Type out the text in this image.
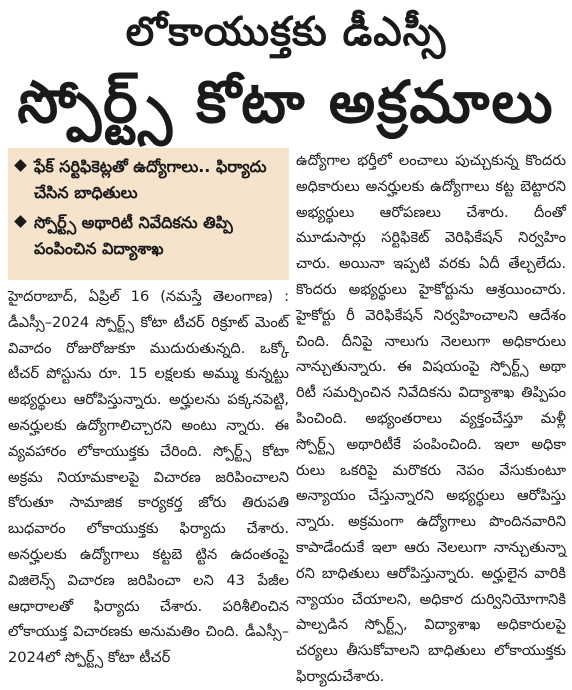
లోకాయుక్తకు డీఎస్సీ
స్పోర్ట్స్ కోటా అక్రమాలు
ఫేక్ సర్టిఫికెట్లతో ఉద్యోగాలు.. ఫిర్యాదు చేసిన బాధితులు
స్పోర్ట్స్ అథారిటీ నివేదికను తిప్పి పంపించిన విద్యాశాఖ

హైదరాబాద్, ఏప్రిల్ 16 (నమస్తే తెలంగాణ) : డీఎస్సీ–2024 స్పోర్ట్స్ కోటా టీచర్ రిక్రూట్ మెంట్ వివాదం రోజురోజుకూ ముదురుతున్నది. ఒక్కో టీచర్ పోస్టును రూ. 15 లక్షలకు అమ్ము కున్నట్టు అభ్యర్థులు ఆరోపిస్తున్నారు. అర్హులను పక్కనపెట్టి, అనర్హులకు ఉద్యోగాలిచ్చారని అంటు న్నారు. ఈ వ్యవహారం లోకాయుక్తకు చేరింది. స్పోర్ట్స్ కోటా అక్రమ నియామకాలపై విచారణ జరిపించాలని కోరుతూ సామాజిక కార్యకర్త జోరు తిరుపతి బుధవారం లోకాయుక్తకు ఫిర్యాదు చేశారు. అనర్హులకు ఉద్యోగాలు కట్టబె ట్టిన ఉదంతంపై విజిలెన్స్ విచారణ జరిపించా లని 43 పేజీల ఆధారాలతో ఫిర్యాదు చేశారు. పరిశీలించిన లోకాయుక్త విచారణకు అనుమతిం చింది. డీఎస్సీ–2024లో స్పోర్ట్స్ కోటా టీచర్

ఉద్యోగాల భర్తీలో లంచాలు పుచ్చుకున్న కొందరు అధికారులు అనర్హులకు ఉద్యోగాలు కట్ట బెట్టారని అభ్యర్థులు ఆరోపణలు చేశారు. దీంతో మూడుసార్లు సర్టిఫికెట్ వెరిఫికేషన్ నిర్వహిం చారు. అయినా ఇప్పటి వరకు ఏదీ తేల్చలేదు. కొందరు అభ్యర్థులు హైకోర్టును ఆశ్రయించారు. హైకోర్టు రీ వెరిఫికేషన్ నిర్వహించాలని ఆదేశం చింది. దీనిపై నాలుగు నెలలుగా అధికారులు నాన్చుతున్నారు. ఈ విషయంపై స్పోర్ట్స్ అథా రిటీ సమర్పించిన నివేదికను విద్యాశాఖ తిప్పిపం పించింది. అభ్యంతరాలు వ్యక్తంచేస్తూ మళ్లీ స్పోర్ట్స్ అథారిటీకే పంపించింది. ఇలా అధికా రులు ఒకరిపై మరొకరు నెపం వేసుకుంటూ అన్యాయం చేస్తున్నారని అభ్యర్థులు ఆరోపిస్తు న్నారు. అక్రమంగా ఉద్యోగాలు పొందినవారిని కాపాడేందుకే ఇలా ఆరు నెలలుగా నాన్చుతున్నా రని బాధితులు ఆరోపిస్తున్నారు. అర్హులైన వారికి న్యాయం చేయాలని, అధికార దుర్వినియోగానికి పాల్పడిన స్పోర్ట్స్, విద్యాశాఖ అధికారులపై చర్యలు తీసుకోవాలని బాధితులు లోకాయుక్తకు ఫిర్యాదుచేశారు.
